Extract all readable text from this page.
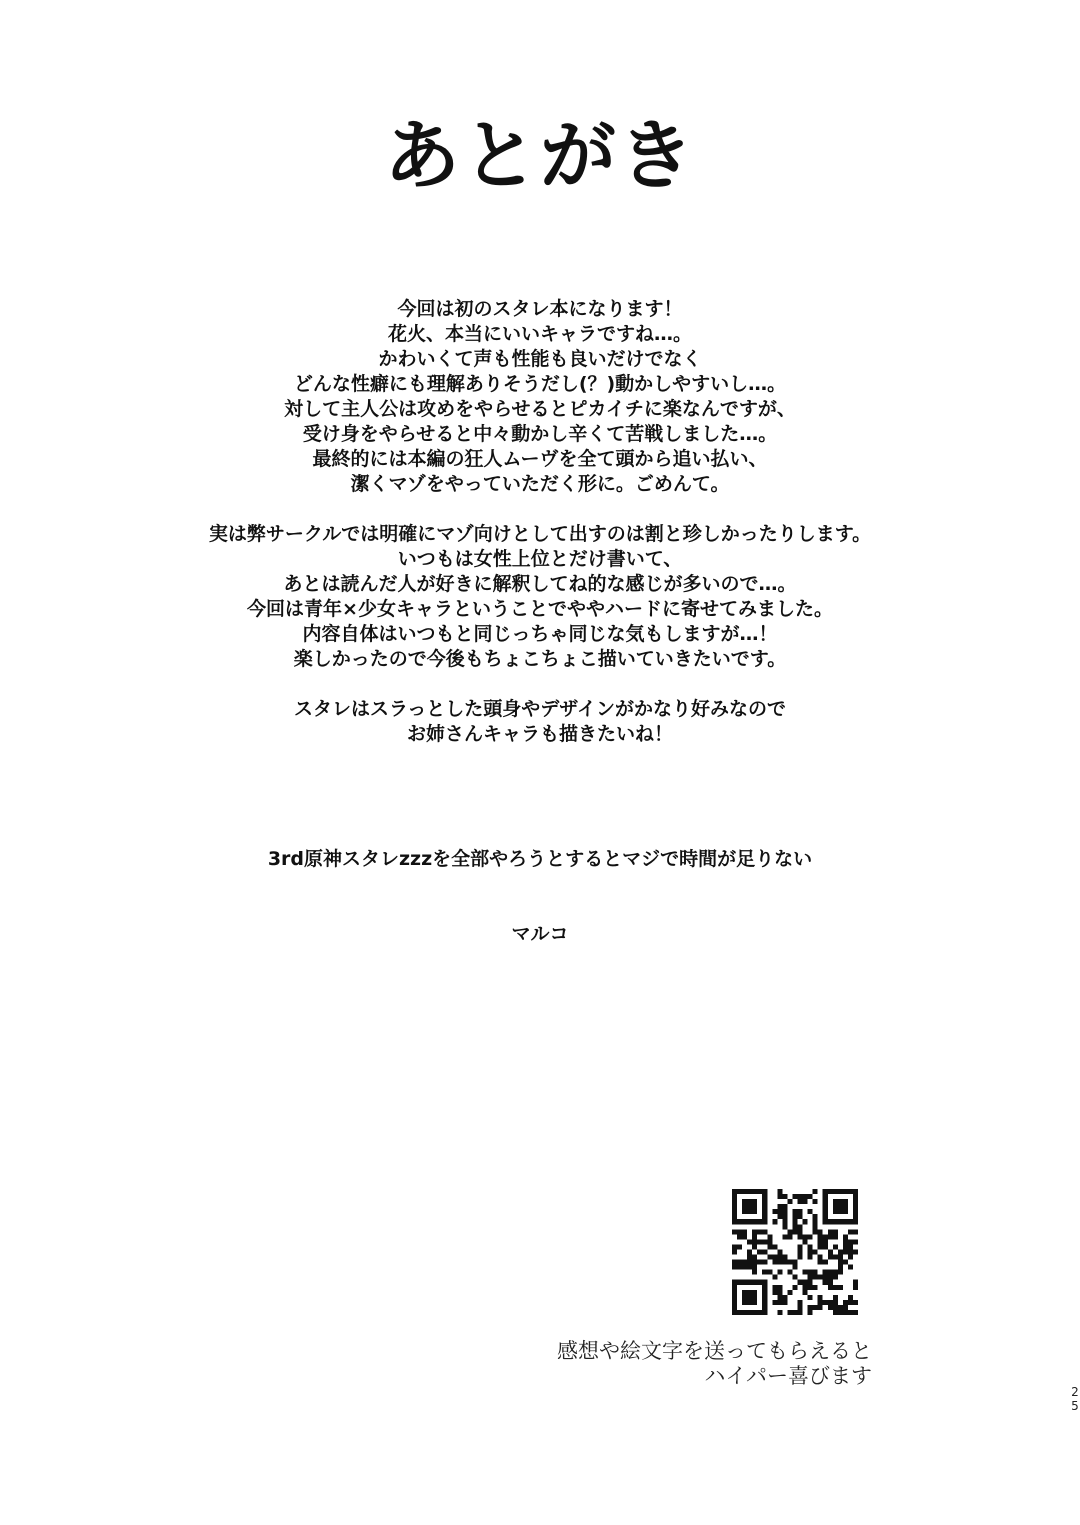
あとがき
今回は初のスタレ本になります！
花火、本当にいいキャラですね…。
かわいくて声も性能も良いだけでなく
どんな性癖にも理解ありそうだし(？)動かしやすいし…。
対して主人公は攻めをやらせるとピカイチに楽なんですが、
受け身をやらせると中々動かし辛くて苦戦しました…。
最終的には本編の狂人ムーヴを全て頭から追い払い、
潔くマゾをやっていただく形に。ごめんて。
実は弊サークルでは明確にマゾ向けとして出すのは割と珍しかったりします。
いつもは女性上位とだけ書いて、
あとは読んだ人が好きに解釈してね的な感じが多いので…。
今回は青年×少女キャラということでややハードに寄せてみました。
内容自体はいつもと同じっちゃ同じな気もしますが…！
楽しかったので今後もちょこちょこ描いていきたいです。
スタレはスラっとした頭身やデザインがかなり好みなので
お姉さんキャラも描きたいね！
3rd原神スタレzzzを全部やろうとするとマジで時間が足りない
マルコ
感想や絵文字を送ってもらえると
ハイパー喜びます
2
5
